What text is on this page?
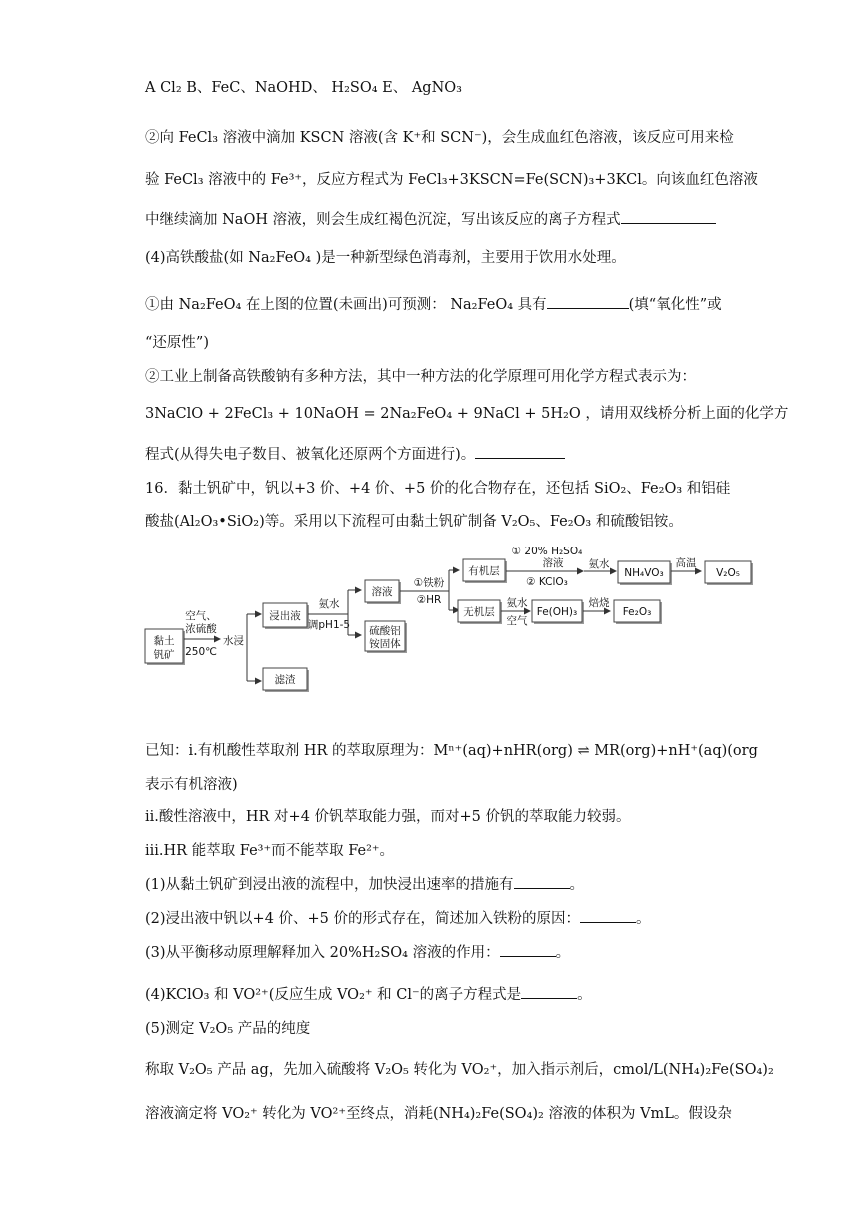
A Cl₂ B、FeC、NaOHD、 H₂SO₄ E、 AgNO₃
②向 FeCl₃ 溶液中滴加 KSCN 溶液(含 K⁺和 SCN⁻)，会生成血红色溶液，该反应可用来检
验 FeCl₃ 溶液中的 Fe³⁺，反应方程式为 FeCl₃+3KSCN=Fe(SCN)₃+3KCl。向该血红色溶液
中继续滴加 NaOH 溶液，则会生成红褐色沉淀，写出该反应的离子方程式
(4)高铁酸盐(如 Na₂FeO₄ )是一种新型绿色消毒剂，主要用于饮用水处理。
①由 Na₂FeO₄ 在上图的位置(未画出)可预测： Na₂FeO₄ 具有	(填“氧化性”或
“还原性”)
②工业上制备高铁酸钠有多种方法，其中一种方法的化学原理可用化学方程式表示为：
3NaClO + 2FeCl₃ + 10NaOH = 2Na₂FeO₄ + 9NaCl + 5H₂O ，请用双线桥分析上面的化学方
程式(从得失电子数目、被氧化还原两个方面进行)。
16．黏土钒矿中，钒以+3 价、+4 价、+5 价的化合物存在，还包括 SiO₂、Fe₂O₃ 和铝硅
酸盐(Al₂O₃•SiO₂)等。采用以下流程可由黏土钒矿制备 V₂O₅、Fe₂O₃ 和硫酸铝铵。
黏土
钒矿
空气、
浓硫酸
250℃
水浸
浸出液
滤渣
氨水
调pH1-5
溶液
硫酸铝
铵固体
①铁粉
②HR
有机层
无机层
① 20% H₂SO₄
溶液
② KClO₃
氨水
NH₄VO₃
高温
V₂O₅
氨水
空气
Fe(OH)₃
焙烧
Fe₂O₃
已知：i.有机酸性萃取剂 HR 的萃取原理为：Mⁿ⁺(aq)+nHR(org) ⇌ MR(org)+nH⁺(aq)(org
表示有机溶液)
ii.酸性溶液中，HR 对+4 价钒萃取能力强，而对+5 价钒的萃取能力较弱。
iii.HR 能萃取 Fe³⁺而不能萃取 Fe²⁺。
(1)从黏土钒矿到浸出液的流程中，加快浸出速率的措施有	。
(2)浸出液中钒以+4 价、+5 价的形式存在，简述加入铁粉的原因：	。
(3)从平衡移动原理解释加入 20%H₂SO₄ 溶液的作用：	。
(4)KClO₃ 和 VO²⁺(反应生成 VO₂⁺ 和 Cl⁻的离子方程式是	。
(5)测定 V₂O₅ 产品的纯度
称取 V₂O₅ 产品 ag，先加入硫酸将 V₂O₅ 转化为 VO₂⁺，加入指示剂后，cmol/L(NH₄)₂Fe(SO₄)₂
溶液滴定将 VO₂⁺ 转化为 VO²⁺至终点，消耗(NH₄)₂Fe(SO₄)₂ 溶液的体积为 VmL。假设杂
